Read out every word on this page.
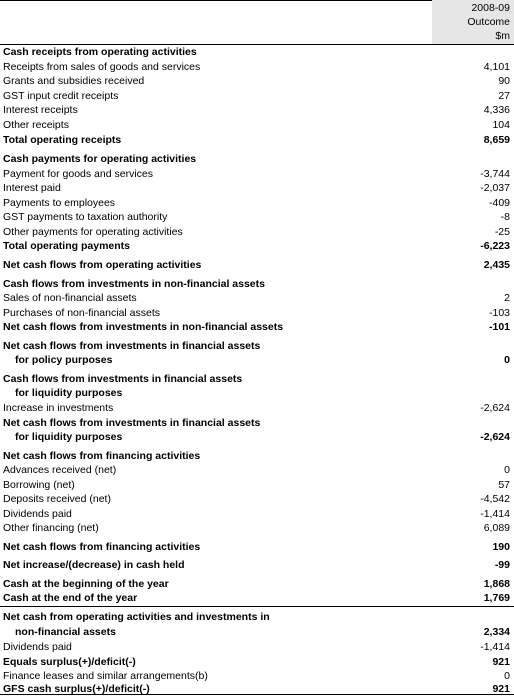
2008-09
Outcome
$m
Cash receipts from operating activities
Receipts from sales of goods and services	4,101
Grants and subsidies received	90
GST input credit receipts	27
Interest receipts	4,336
Other receipts	104
Total operating receipts	8,659
Cash payments for operating activities
Payment for goods and services	-3,744
Interest paid	-2,037
Payments to employees	-409
GST payments to taxation authority	-8
Other payments for operating activities	-25
Total operating payments	-6,223
Net cash flows from operating activities	2,435
Cash flows from investments in non-financial assets
Sales of non-financial assets	2
Purchases of non-financial assets	-103
Net cash flows from investments in non-financial assets	-101
Net cash flows from investments in financial assets
for policy purposes	0
Cash flows from investments in financial assets
for liquidity purposes
Increase in investments	-2,624
Net cash flows from investments in financial assets
for liquidity purposes	-2,624
Net cash flows from financing activities
Advances received (net)	0
Borrowing (net)	57
Deposits received (net)	-4,542
Dividends paid	-1,414
Other financing (net)	6,089
Net cash flows from financing activities	190
Net increase/(decrease) in cash held	-99
Cash at the beginning of the year	1,868
Cash at the end of the year	1,769
Net cash from operating activities and investments in
non-financial assets	2,334
Dividends paid	-1,414
Equals surplus(+)/deficit(-)	921
Finance leases and similar arrangements(b)	0
GFS cash surplus(+)/deficit(-)	921
